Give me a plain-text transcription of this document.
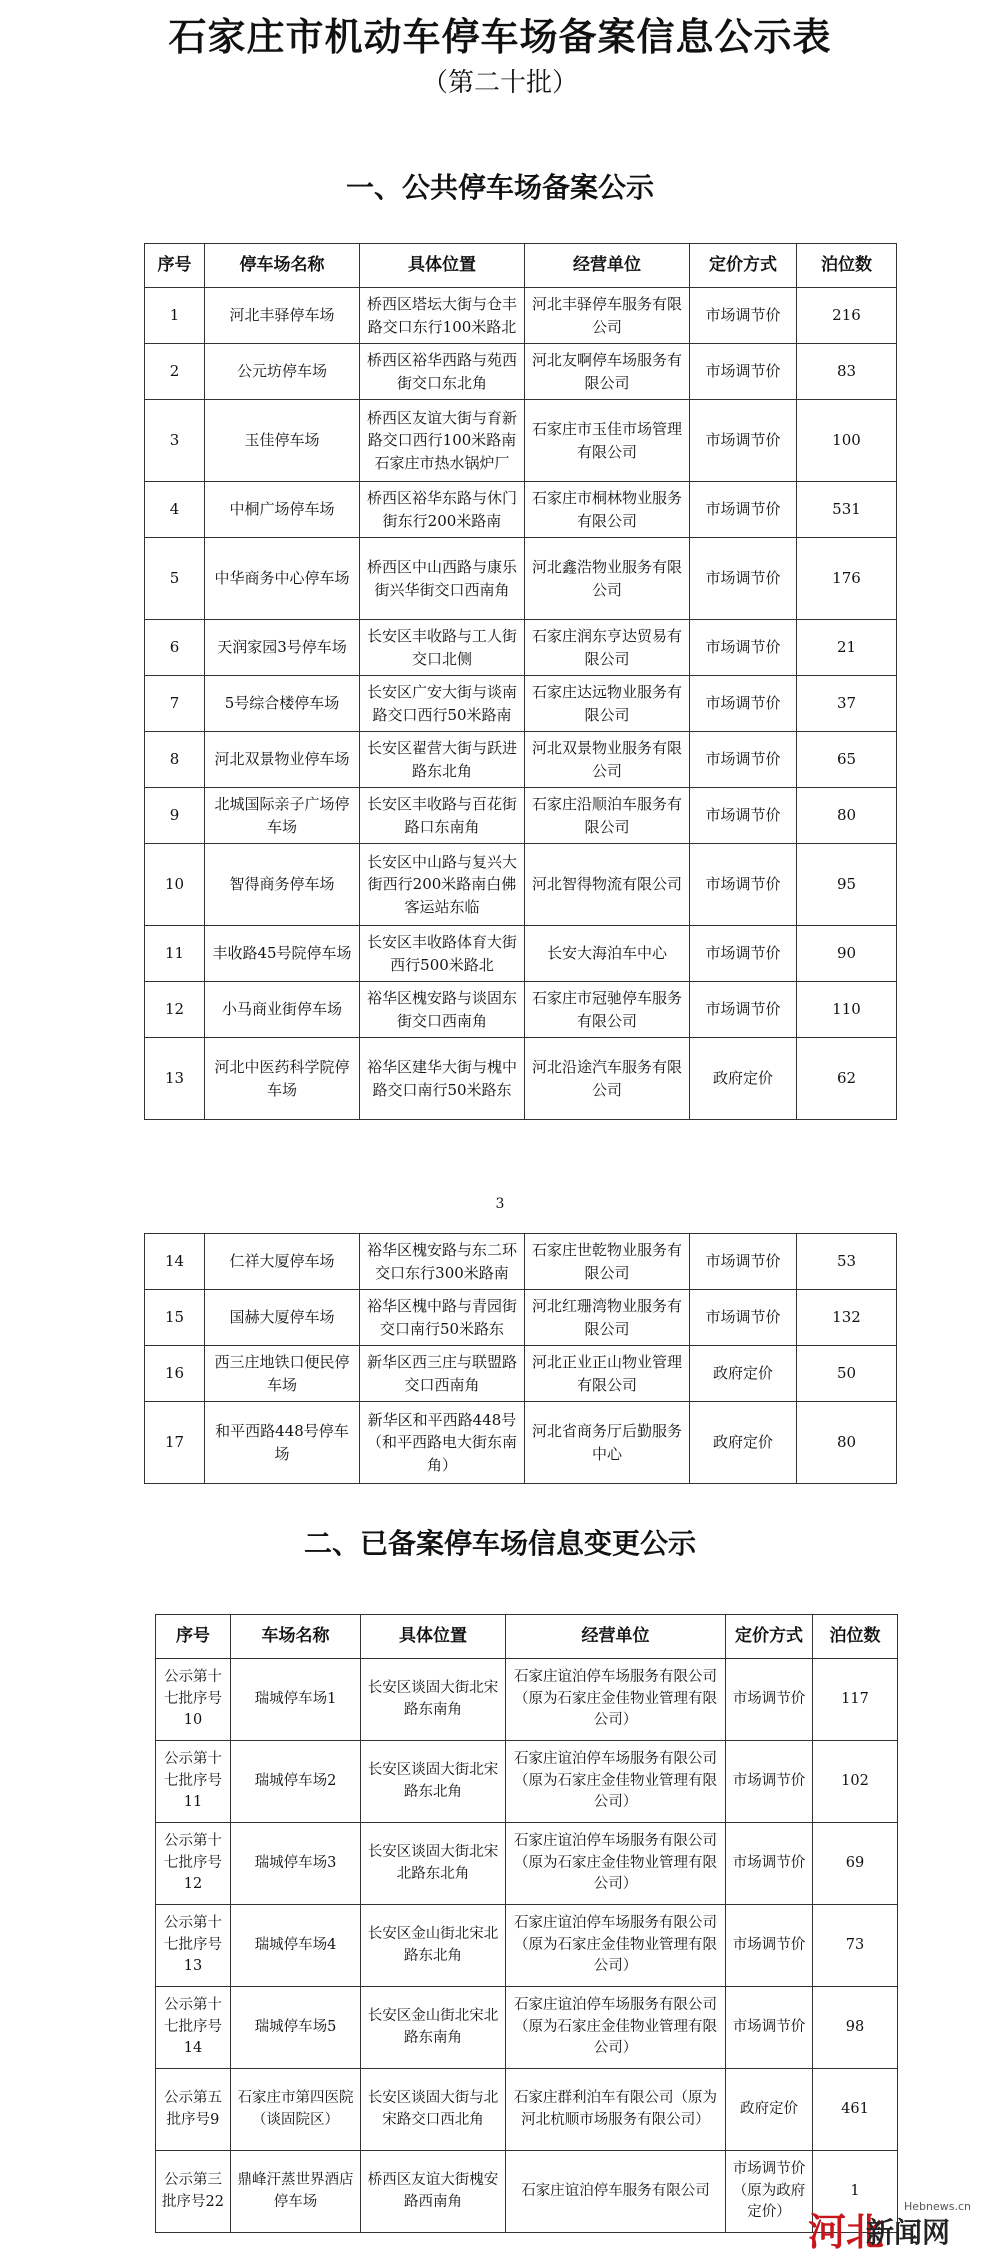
石家庄市机动车停车场备案信息公示表
（第二十批）
一、公共停车场备案公示
序号	停车场名称	具体位置	经营单位	定价方式	泊位数
1	河北丰驿停车场	桥西区塔坛大街与仓丰路交口东行100米路北	河北丰驿停车服务有限公司	市场调节价	216
2	公元坊停车场	桥西区裕华西路与苑西街交口东北角	河北友啊停车场服务有限公司	市场调节价	83
3	玉佳停车场	桥西区友谊大街与育新路交口西行100米路南石家庄市热水锅炉厂	石家庄市玉佳市场管理有限公司	市场调节价	100
4	中桐广场停车场	桥西区裕华东路与休门街东行200米路南	石家庄市桐林物业服务有限公司	市场调节价	531
5	中华商务中心停车场	桥西区中山西路与康乐街兴华街交口西南角	河北鑫浩物业服务有限公司	市场调节价	176
6	天润家园3号停车场	长安区丰收路与工人街交口北侧	石家庄润东亨达贸易有限公司	市场调节价	21
7	5号综合楼停车场	长安区广安大街与谈南路交口西行50米路南	石家庄达远物业服务有限公司	市场调节价	37
8	河北双景物业停车场	长安区翟营大街与跃进路东北角	河北双景物业服务有限公司	市场调节价	65
9	北城国际亲子广场停车场	长安区丰收路与百花街路口东南角	石家庄沿顺泊车服务有限公司	市场调节价	80
10	智得商务停车场	长安区中山路与复兴大街西行200米路南白佛客运站东临	河北智得物流有限公司	市场调节价	95
11	丰收路45号院停车场	长安区丰收路体育大街西行500米路北	长安大海泊车中心	市场调节价	90
12	小马商业街停车场	裕华区槐安路与谈固东街交口西南角	石家庄市冠驰停车服务有限公司	市场调节价	110
13	河北中医药科学院停车场	裕华区建华大街与槐中路交口南行50米路东	河北沿途汽车服务有限公司	政府定价	62
3
14	仁祥大厦停车场	裕华区槐安路与东二环交口东行300米路南	石家庄世乾物业服务有限公司	市场调节价	53
15	国赫大厦停车场	裕华区槐中路与青园街交口南行50米路东	河北红珊湾物业服务有限公司	市场调节价	132
16	西三庄地铁口便民停车场	新华区西三庄与联盟路交口西南角	河北正业正山物业管理有限公司	政府定价	50
17	和平西路448号停车场	新华区和平西路448号（和平西路电大街东南角）	河北省商务厅后勤服务中心	政府定价	80
二、已备案停车场信息变更公示
序号	车场名称	具体位置	经营单位	定价方式	泊位数
公示第十七批序号10	瑞城停车场1	长安区谈固大街北宋路东南角	石家庄谊泊停车场服务有限公司（原为石家庄金佳物业管理有限公司）	市场调节价	117
公示第十七批序号11	瑞城停车场2	长安区谈固大街北宋路东北角	石家庄谊泊停车场服务有限公司（原为石家庄金佳物业管理有限公司）	市场调节价	102
公示第十七批序号12	瑞城停车场3	长安区谈固大街北宋北路东北角	石家庄谊泊停车场服务有限公司（原为石家庄金佳物业管理有限公司）	市场调节价	69
公示第十七批序号13	瑞城停车场4	长安区金山街北宋北路东北角	石家庄谊泊停车场服务有限公司（原为石家庄金佳物业管理有限公司）	市场调节价	73
公示第十七批序号14	瑞城停车场5	长安区金山街北宋北路东南角	石家庄谊泊停车场服务有限公司（原为石家庄金佳物业管理有限公司）	市场调节价	98
公示第五批序号9	石家庄市第四医院（谈固院区）	长安区谈固大街与北宋路交口西北角	石家庄群利泊车有限公司（原为河北杭顺市场服务有限公司）	政府定价	461
公示第三批序号22	鼎峰汗蒸世界酒店停车场	桥西区友谊大街槐安路西南角	石家庄谊泊停车服务有限公司	市场调节价（原为政府定价）	1
Hebnews.cn
河北
新闻网
